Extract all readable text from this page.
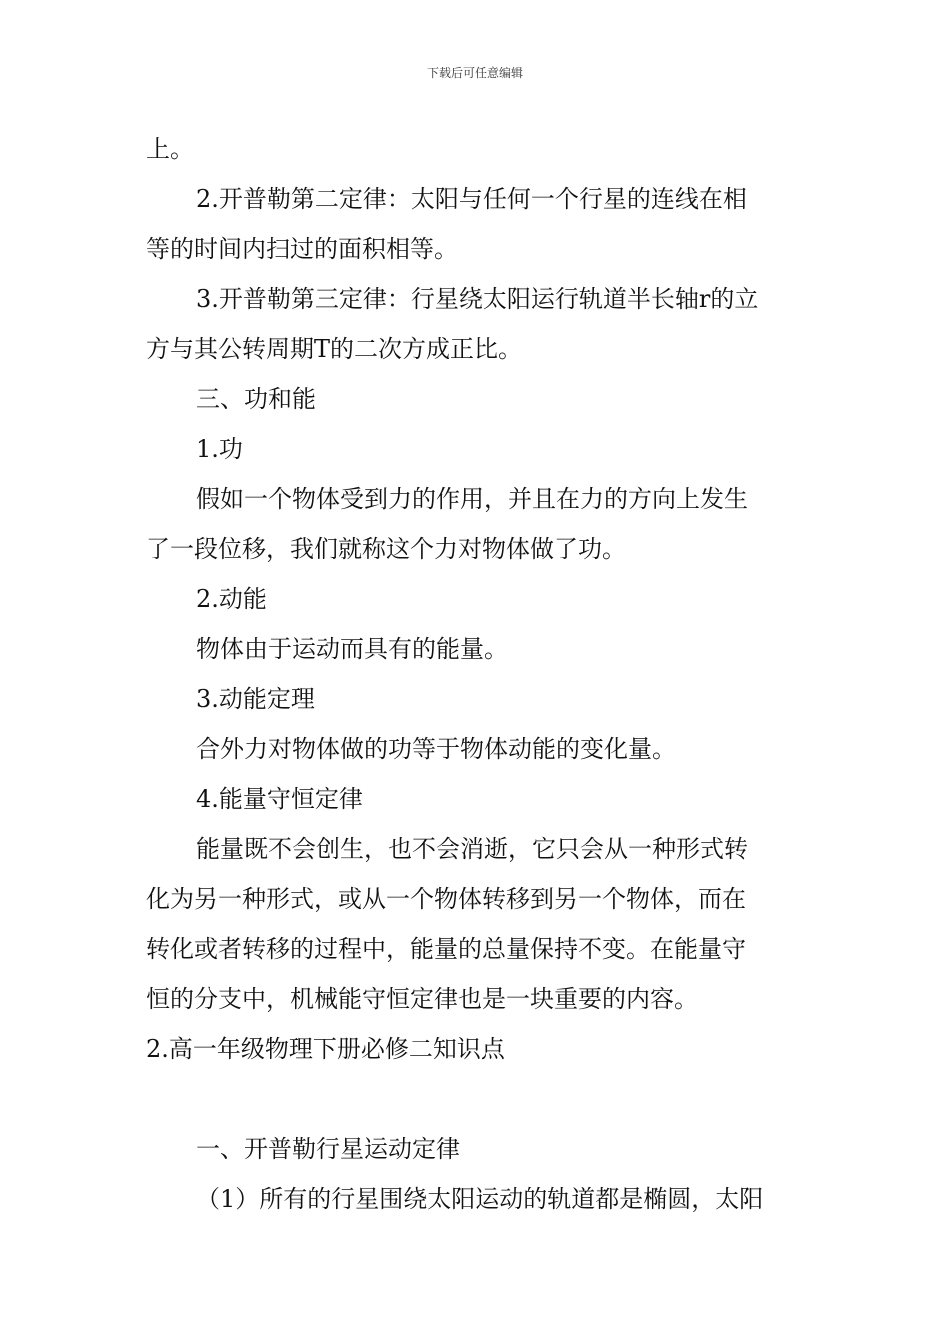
下载后可任意编辑

上。

2.开普勒第二定律：太阳与任何一个行星的连线在相

等的时间内扫过的面积相等。

3.开普勒第三定律：行星绕太阳运行轨道半长轴r的立

方与其公转周期T的二次方成正比。

三、功和能

1.功

假如一个物体受到力的作用，并且在力的方向上发生

了一段位移，我们就称这个力对物体做了功。

2.动能

物体由于运动而具有的能量。

3.动能定理

合外力对物体做的功等于物体动能的变化量。

4.能量守恒定律

能量既不会创生，也不会消逝，它只会从一种形式转

化为另一种形式，或从一个物体转移到另一个物体，而在

转化或者转移的过程中，能量的总量保持不变。在能量守

恒的分支中，机械能守恒定律也是一块重要的内容。

2.高一年级物理下册必修二知识点

一、开普勒行星运动定律

（1）所有的行星围绕太阳运动的轨道都是椭圆，太阳
